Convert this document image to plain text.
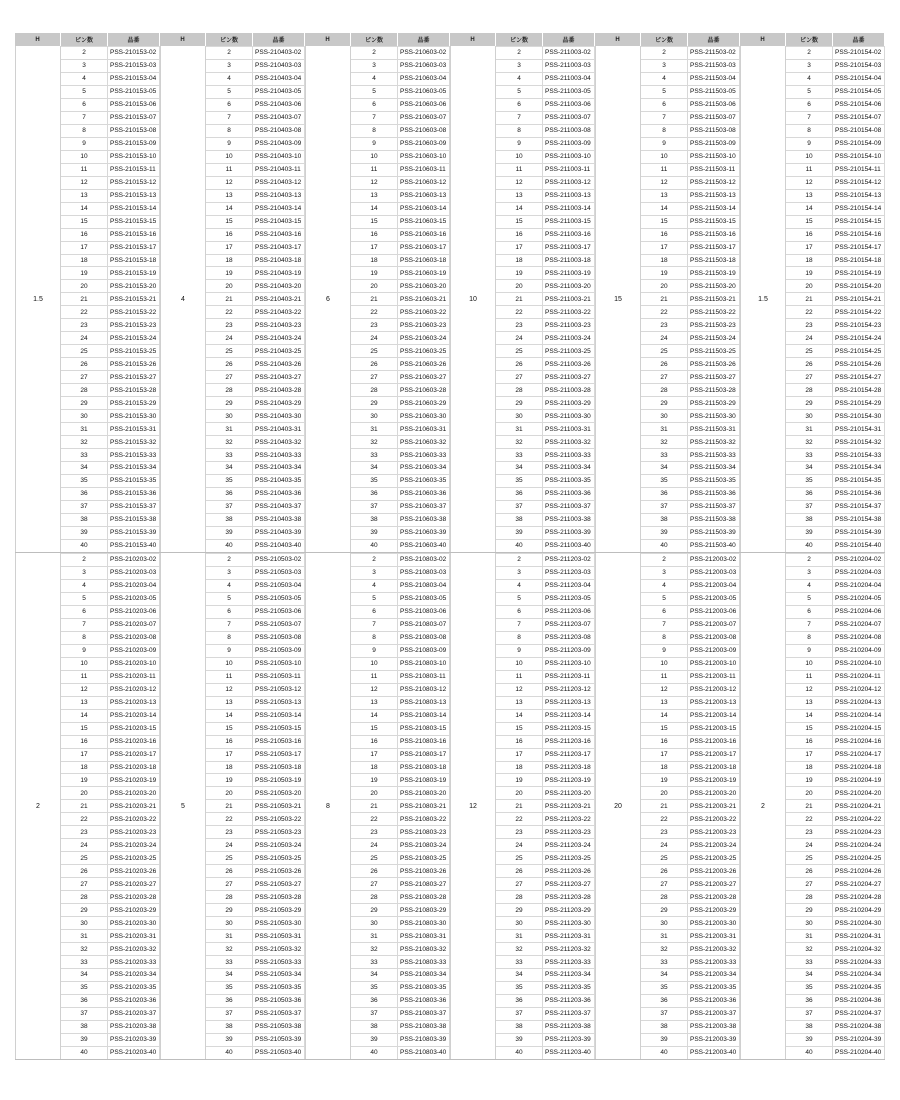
H	ピン数	品番
1.5
2	PSS-210153-02
3	PSS-210153-03
4	PSS-210153-04
5	PSS-210153-05
6	PSS-210153-06
7	PSS-210153-07
8	PSS-210153-08
9	PSS-210153-09
10	PSS-210153-10
11	PSS-210153-11
12	PSS-210153-12
13	PSS-210153-13
14	PSS-210153-14
15	PSS-210153-15
16	PSS-210153-16
17	PSS-210153-17
18	PSS-210153-18
19	PSS-210153-19
20	PSS-210153-20
21	PSS-210153-21
22	PSS-210153-22
23	PSS-210153-23
24	PSS-210153-24
25	PSS-210153-25
26	PSS-210153-26
27	PSS-210153-27
28	PSS-210153-28
29	PSS-210153-29
30	PSS-210153-30
31	PSS-210153-31
32	PSS-210153-32
33	PSS-210153-33
34	PSS-210153-34
35	PSS-210153-35
36	PSS-210153-36
37	PSS-210153-37
38	PSS-210153-38
39	PSS-210153-39
40	PSS-210153-40
2
2	PSS-210203-02
3	PSS-210203-03
4	PSS-210203-04
5	PSS-210203-05
6	PSS-210203-06
7	PSS-210203-07
8	PSS-210203-08
9	PSS-210203-09
10	PSS-210203-10
11	PSS-210203-11
12	PSS-210203-12
13	PSS-210203-13
14	PSS-210203-14
15	PSS-210203-15
16	PSS-210203-16
17	PSS-210203-17
18	PSS-210203-18
19	PSS-210203-19
20	PSS-210203-20
21	PSS-210203-21
22	PSS-210203-22
23	PSS-210203-23
24	PSS-210203-24
25	PSS-210203-25
26	PSS-210203-26
27	PSS-210203-27
28	PSS-210203-28
29	PSS-210203-29
30	PSS-210203-30
31	PSS-210203-31
32	PSS-210203-32
33	PSS-210203-33
34	PSS-210203-34
35	PSS-210203-35
36	PSS-210203-36
37	PSS-210203-37
38	PSS-210203-38
39	PSS-210203-39
40	PSS-210203-40
H	ピン数	品番
4
2	PSS-210403-02
3	PSS-210403-03
4	PSS-210403-04
5	PSS-210403-05
6	PSS-210403-06
7	PSS-210403-07
8	PSS-210403-08
9	PSS-210403-09
10	PSS-210403-10
11	PSS-210403-11
12	PSS-210403-12
13	PSS-210403-13
14	PSS-210403-14
15	PSS-210403-15
16	PSS-210403-16
17	PSS-210403-17
18	PSS-210403-18
19	PSS-210403-19
20	PSS-210403-20
21	PSS-210403-21
22	PSS-210403-22
23	PSS-210403-23
24	PSS-210403-24
25	PSS-210403-25
26	PSS-210403-26
27	PSS-210403-27
28	PSS-210403-28
29	PSS-210403-29
30	PSS-210403-30
31	PSS-210403-31
32	PSS-210403-32
33	PSS-210403-33
34	PSS-210403-34
35	PSS-210403-35
36	PSS-210403-36
37	PSS-210403-37
38	PSS-210403-38
39	PSS-210403-39
40	PSS-210403-40
5
2	PSS-210503-02
3	PSS-210503-03
4	PSS-210503-04
5	PSS-210503-05
6	PSS-210503-06
7	PSS-210503-07
8	PSS-210503-08
9	PSS-210503-09
10	PSS-210503-10
11	PSS-210503-11
12	PSS-210503-12
13	PSS-210503-13
14	PSS-210503-14
15	PSS-210503-15
16	PSS-210503-16
17	PSS-210503-17
18	PSS-210503-18
19	PSS-210503-19
20	PSS-210503-20
21	PSS-210503-21
22	PSS-210503-22
23	PSS-210503-23
24	PSS-210503-24
25	PSS-210503-25
26	PSS-210503-26
27	PSS-210503-27
28	PSS-210503-28
29	PSS-210503-29
30	PSS-210503-30
31	PSS-210503-31
32	PSS-210503-32
33	PSS-210503-33
34	PSS-210503-34
35	PSS-210503-35
36	PSS-210503-36
37	PSS-210503-37
38	PSS-210503-38
39	PSS-210503-39
40	PSS-210503-40
H	ピン数	品番
6
2	PSS-210603-02
3	PSS-210603-03
4	PSS-210603-04
5	PSS-210603-05
6	PSS-210603-06
7	PSS-210603-07
8	PSS-210603-08
9	PSS-210603-09
10	PSS-210603-10
11	PSS-210603-11
12	PSS-210603-12
13	PSS-210603-13
14	PSS-210603-14
15	PSS-210603-15
16	PSS-210603-16
17	PSS-210603-17
18	PSS-210603-18
19	PSS-210603-19
20	PSS-210603-20
21	PSS-210603-21
22	PSS-210603-22
23	PSS-210603-23
24	PSS-210603-24
25	PSS-210603-25
26	PSS-210603-26
27	PSS-210603-27
28	PSS-210603-28
29	PSS-210603-29
30	PSS-210603-30
31	PSS-210603-31
32	PSS-210603-32
33	PSS-210603-33
34	PSS-210603-34
35	PSS-210603-35
36	PSS-210603-36
37	PSS-210603-37
38	PSS-210603-38
39	PSS-210603-39
40	PSS-210603-40
8
2	PSS-210803-02
3	PSS-210803-03
4	PSS-210803-04
5	PSS-210803-05
6	PSS-210803-06
7	PSS-210803-07
8	PSS-210803-08
9	PSS-210803-09
10	PSS-210803-10
11	PSS-210803-11
12	PSS-210803-12
13	PSS-210803-13
14	PSS-210803-14
15	PSS-210803-15
16	PSS-210803-16
17	PSS-210803-17
18	PSS-210803-18
19	PSS-210803-19
20	PSS-210803-20
21	PSS-210803-21
22	PSS-210803-22
23	PSS-210803-23
24	PSS-210803-24
25	PSS-210803-25
26	PSS-210803-26
27	PSS-210803-27
28	PSS-210803-28
29	PSS-210803-29
30	PSS-210803-30
31	PSS-210803-31
32	PSS-210803-32
33	PSS-210803-33
34	PSS-210803-34
35	PSS-210803-35
36	PSS-210803-36
37	PSS-210803-37
38	PSS-210803-38
39	PSS-210803-39
40	PSS-210803-40
H	ピン数	品番
10
2	PSS-211003-02
3	PSS-211003-03
4	PSS-211003-04
5	PSS-211003-05
6	PSS-211003-06
7	PSS-211003-07
8	PSS-211003-08
9	PSS-211003-09
10	PSS-211003-10
11	PSS-211003-11
12	PSS-211003-12
13	PSS-211003-13
14	PSS-211003-14
15	PSS-211003-15
16	PSS-211003-16
17	PSS-211003-17
18	PSS-211003-18
19	PSS-211003-19
20	PSS-211003-20
21	PSS-211003-21
22	PSS-211003-22
23	PSS-211003-23
24	PSS-211003-24
25	PSS-211003-25
26	PSS-211003-26
27	PSS-211003-27
28	PSS-211003-28
29	PSS-211003-29
30	PSS-211003-30
31	PSS-211003-31
32	PSS-211003-32
33	PSS-211003-33
34	PSS-211003-34
35	PSS-211003-35
36	PSS-211003-36
37	PSS-211003-37
38	PSS-211003-38
39	PSS-211003-39
40	PSS-211003-40
12
2	PSS-211203-02
3	PSS-211203-03
4	PSS-211203-04
5	PSS-211203-05
6	PSS-211203-06
7	PSS-211203-07
8	PSS-211203-08
9	PSS-211203-09
10	PSS-211203-10
11	PSS-211203-11
12	PSS-211203-12
13	PSS-211203-13
14	PSS-211203-14
15	PSS-211203-15
16	PSS-211203-16
17	PSS-211203-17
18	PSS-211203-18
19	PSS-211203-19
20	PSS-211203-20
21	PSS-211203-21
22	PSS-211203-22
23	PSS-211203-23
24	PSS-211203-24
25	PSS-211203-25
26	PSS-211203-26
27	PSS-211203-27
28	PSS-211203-28
29	PSS-211203-29
30	PSS-211203-30
31	PSS-211203-31
32	PSS-211203-32
33	PSS-211203-33
34	PSS-211203-34
35	PSS-211203-35
36	PSS-211203-36
37	PSS-211203-37
38	PSS-211203-38
39	PSS-211203-39
40	PSS-211203-40
H	ピン数	品番
15
2	PSS-211503-02
3	PSS-211503-03
4	PSS-211503-04
5	PSS-211503-05
6	PSS-211503-06
7	PSS-211503-07
8	PSS-211503-08
9	PSS-211503-09
10	PSS-211503-10
11	PSS-211503-11
12	PSS-211503-12
13	PSS-211503-13
14	PSS-211503-14
15	PSS-211503-15
16	PSS-211503-16
17	PSS-211503-17
18	PSS-211503-18
19	PSS-211503-19
20	PSS-211503-20
21	PSS-211503-21
22	PSS-211503-22
23	PSS-211503-23
24	PSS-211503-24
25	PSS-211503-25
26	PSS-211503-26
27	PSS-211503-27
28	PSS-211503-28
29	PSS-211503-29
30	PSS-211503-30
31	PSS-211503-31
32	PSS-211503-32
33	PSS-211503-33
34	PSS-211503-34
35	PSS-211503-35
36	PSS-211503-36
37	PSS-211503-37
38	PSS-211503-38
39	PSS-211503-39
40	PSS-211503-40
20
2	PSS-212003-02
3	PSS-212003-03
4	PSS-212003-04
5	PSS-212003-05
6	PSS-212003-06
7	PSS-212003-07
8	PSS-212003-08
9	PSS-212003-09
10	PSS-212003-10
11	PSS-212003-11
12	PSS-212003-12
13	PSS-212003-13
14	PSS-212003-14
15	PSS-212003-15
16	PSS-212003-16
17	PSS-212003-17
18	PSS-212003-18
19	PSS-212003-19
20	PSS-212003-20
21	PSS-212003-21
22	PSS-212003-22
23	PSS-212003-23
24	PSS-212003-24
25	PSS-212003-25
26	PSS-212003-26
27	PSS-212003-27
28	PSS-212003-28
29	PSS-212003-29
30	PSS-212003-30
31	PSS-212003-31
32	PSS-212003-32
33	PSS-212003-33
34	PSS-212003-34
35	PSS-212003-35
36	PSS-212003-36
37	PSS-212003-37
38	PSS-212003-38
39	PSS-212003-39
40	PSS-212003-40
H	ピン数	品番
1.5
2	PSS-210154-02
3	PSS-210154-03
4	PSS-210154-04
5	PSS-210154-05
6	PSS-210154-06
7	PSS-210154-07
8	PSS-210154-08
9	PSS-210154-09
10	PSS-210154-10
11	PSS-210154-11
12	PSS-210154-12
13	PSS-210154-13
14	PSS-210154-14
15	PSS-210154-15
16	PSS-210154-16
17	PSS-210154-17
18	PSS-210154-18
19	PSS-210154-19
20	PSS-210154-20
21	PSS-210154-21
22	PSS-210154-22
23	PSS-210154-23
24	PSS-210154-24
25	PSS-210154-25
26	PSS-210154-26
27	PSS-210154-27
28	PSS-210154-28
29	PSS-210154-29
30	PSS-210154-30
31	PSS-210154-31
32	PSS-210154-32
33	PSS-210154-33
34	PSS-210154-34
35	PSS-210154-35
36	PSS-210154-36
37	PSS-210154-37
38	PSS-210154-38
39	PSS-210154-39
40	PSS-210154-40
2
2	PSS-210204-02
3	PSS-210204-03
4	PSS-210204-04
5	PSS-210204-05
6	PSS-210204-06
7	PSS-210204-07
8	PSS-210204-08
9	PSS-210204-09
10	PSS-210204-10
11	PSS-210204-11
12	PSS-210204-12
13	PSS-210204-13
14	PSS-210204-14
15	PSS-210204-15
16	PSS-210204-16
17	PSS-210204-17
18	PSS-210204-18
19	PSS-210204-19
20	PSS-210204-20
21	PSS-210204-21
22	PSS-210204-22
23	PSS-210204-23
24	PSS-210204-24
25	PSS-210204-25
26	PSS-210204-26
27	PSS-210204-27
28	PSS-210204-28
29	PSS-210204-29
30	PSS-210204-30
31	PSS-210204-31
32	PSS-210204-32
33	PSS-210204-33
34	PSS-210204-34
35	PSS-210204-35
36	PSS-210204-36
37	PSS-210204-37
38	PSS-210204-38
39	PSS-210204-39
40	PSS-210204-40
